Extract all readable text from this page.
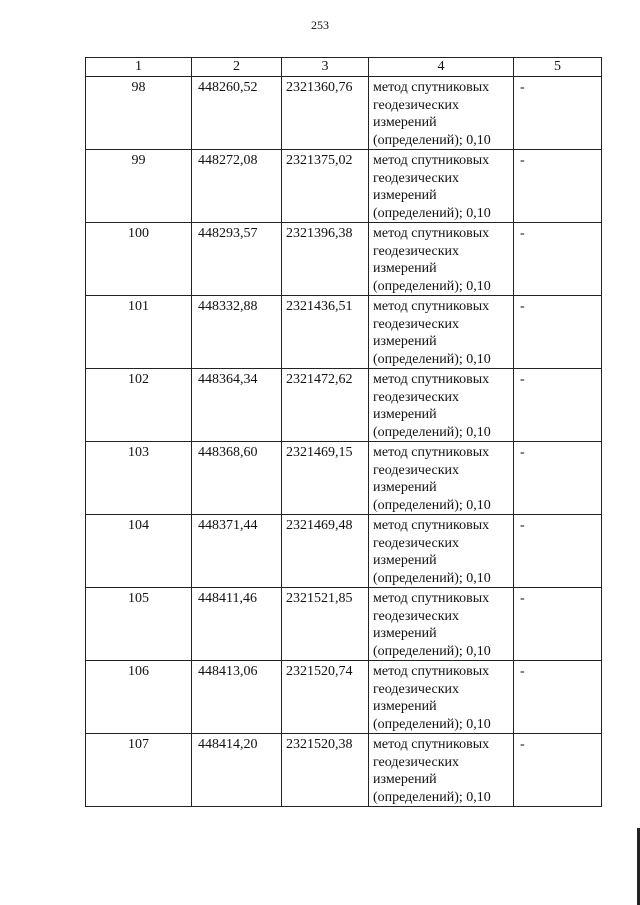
253
1	2	3	4	5
98	448260,52	2321360,76	метод спутниковых
геодезических
измерений
(определений); 0,10	-
99	448272,08	2321375,02	метод спутниковых
геодезических
измерений
(определений); 0,10	-
100	448293,57	2321396,38	метод спутниковых
геодезических
измерений
(определений); 0,10	-
101	448332,88	2321436,51	метод спутниковых
геодезических
измерений
(определений); 0,10	-
102	448364,34	2321472,62	метод спутниковых
геодезических
измерений
(определений); 0,10	-
103	448368,60	2321469,15	метод спутниковых
геодезических
измерений
(определений); 0,10	-
104	448371,44	2321469,48	метод спутниковых
геодезических
измерений
(определений); 0,10	-
105	448411,46	2321521,85	метод спутниковых
геодезических
измерений
(определений); 0,10	-
106	448413,06	2321520,74	метод спутниковых
геодезических
измерений
(определений); 0,10	-
107	448414,20	2321520,38	метод спутниковых
геодезических
измерений
(определений); 0,10	-
